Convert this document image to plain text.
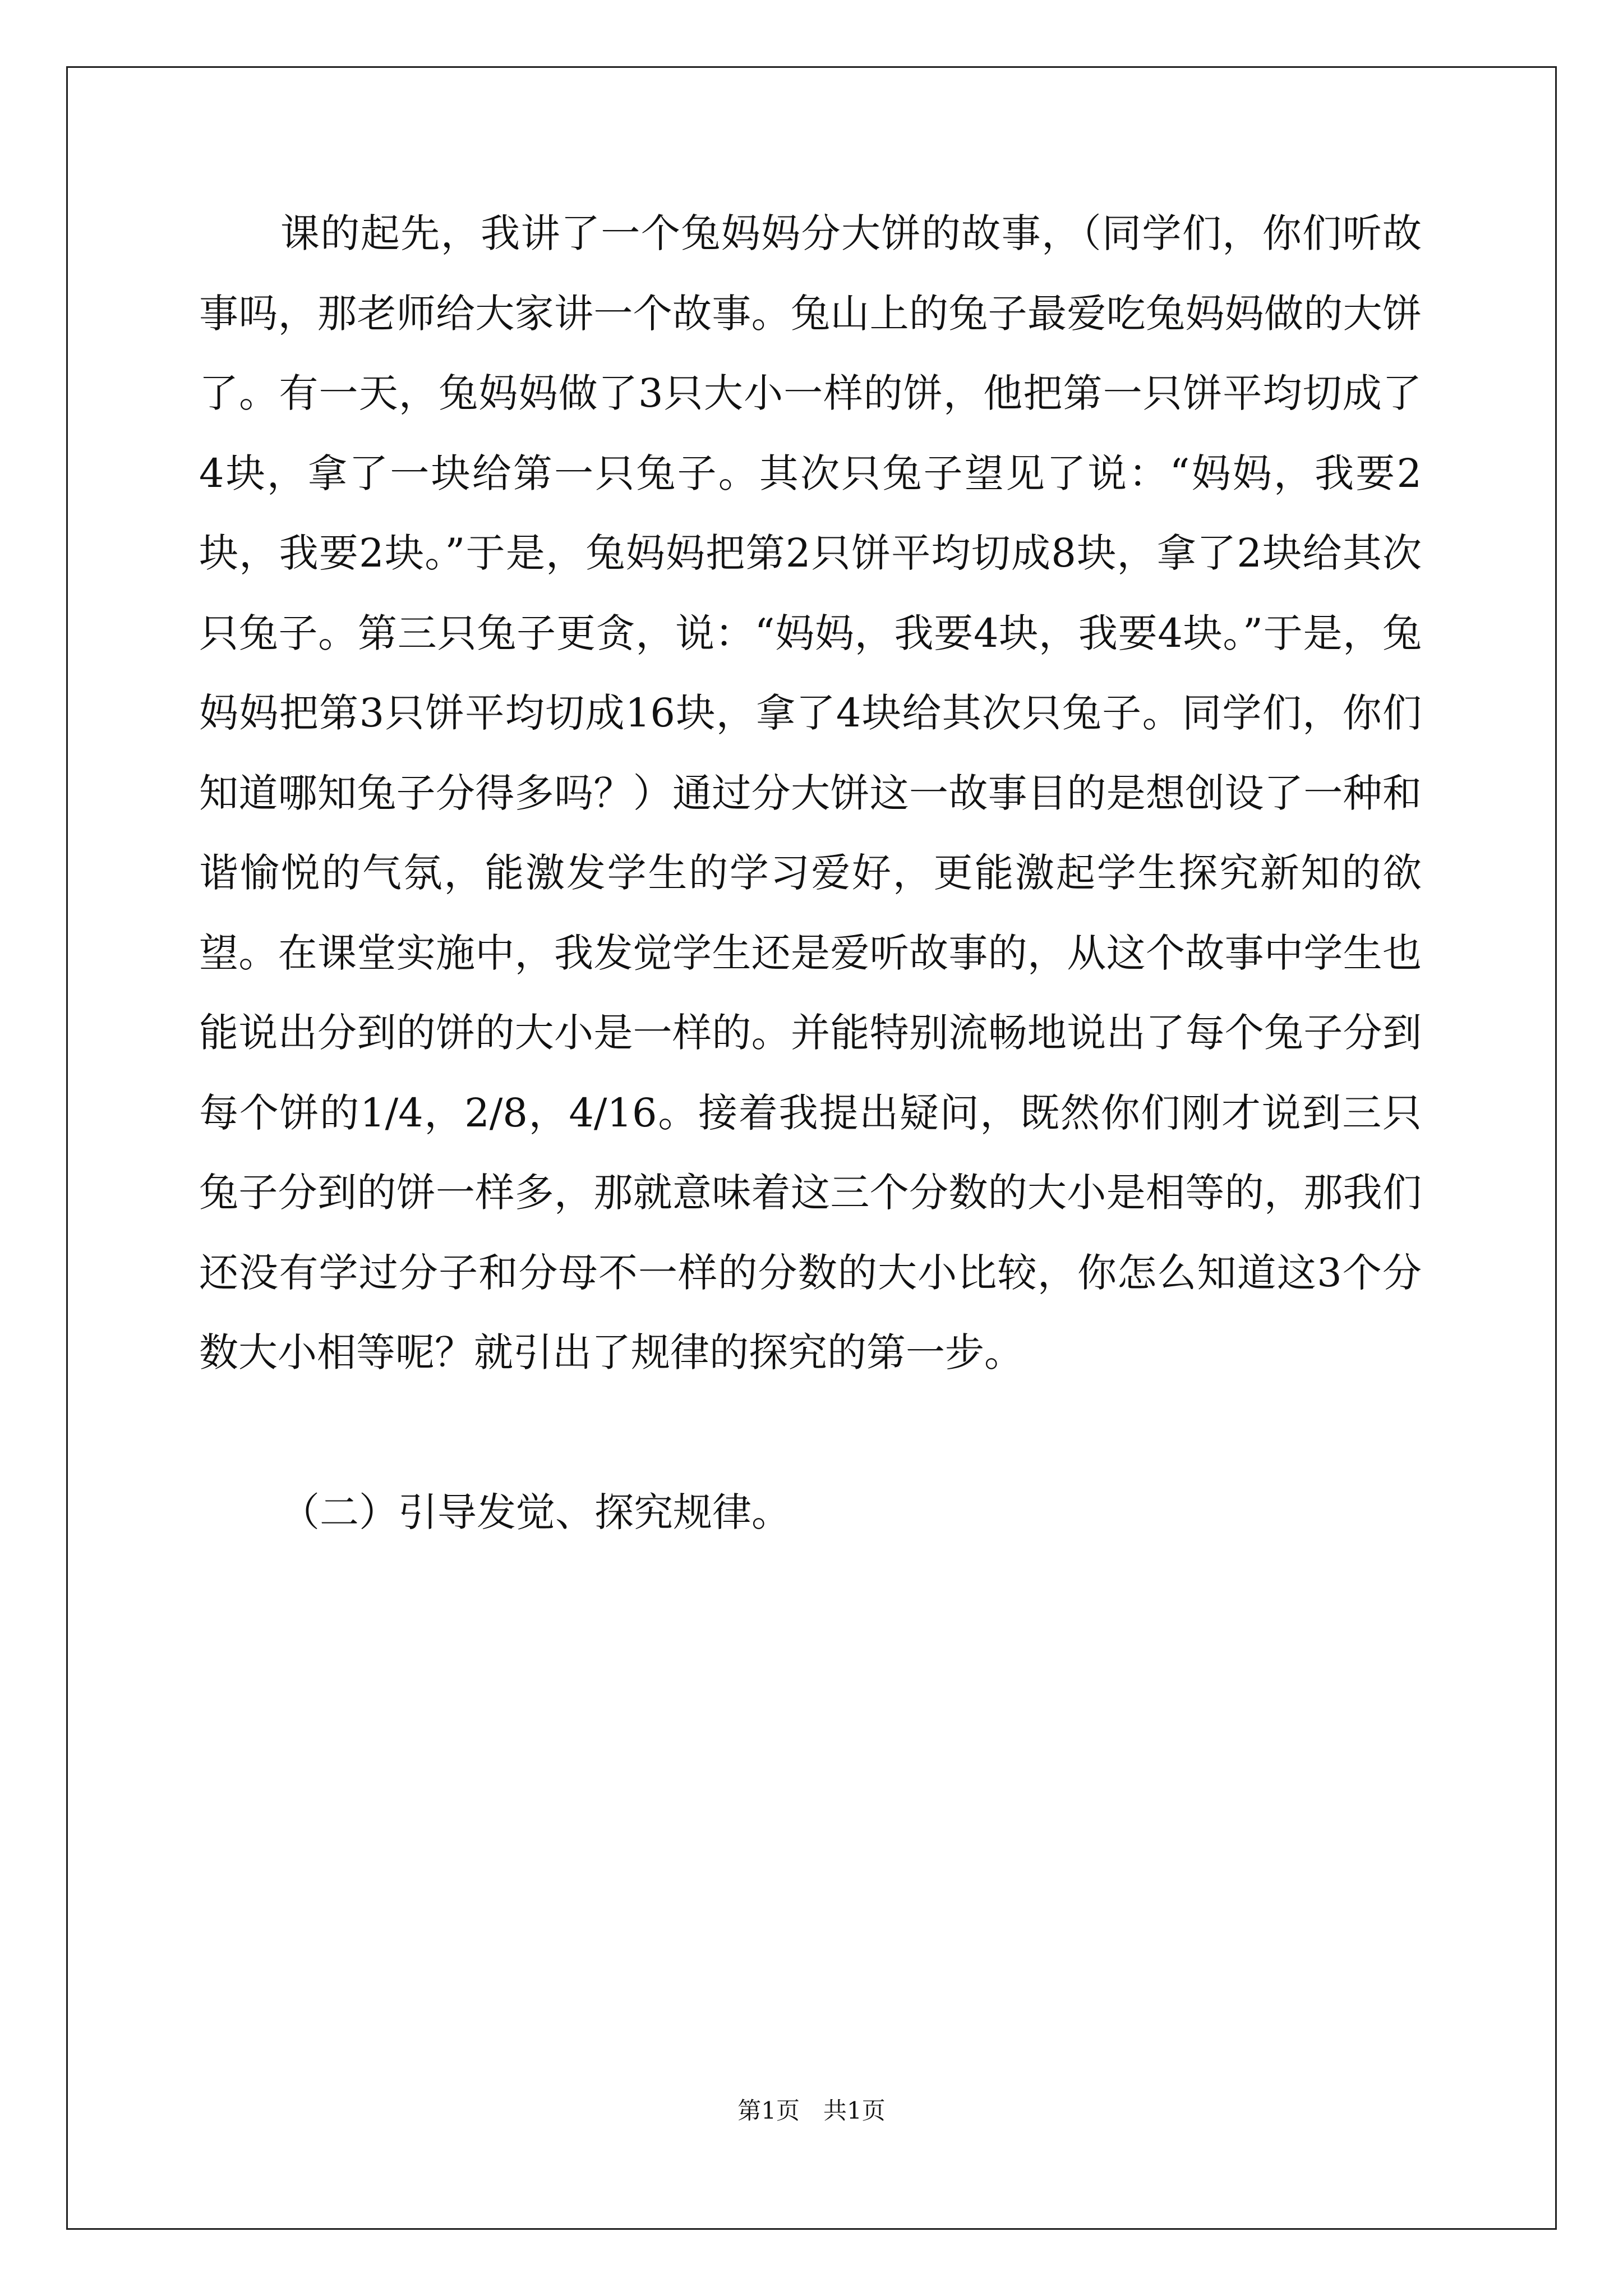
课的起先，我讲了一个兔妈妈分大饼的故事，（同学们，你们听故事吗，那老师给大家讲一个故事。兔山上的兔子最爱吃兔妈妈做的大饼了。有一天，兔妈妈做了3只大小一样的饼，他把第一只饼平均切成了4块，拿了一块给第一只兔子。其次只兔子望见了说：“妈妈，我要2块，我要2块。”于是，兔妈妈把第2只饼平均切成8块，拿了2块给其次只兔子。第三只兔子更贪，说：“妈妈，我要4块，我要4块。”于是，兔妈妈把第3只饼平均切成16块，拿了4块给其次只兔子。同学们，你们知道哪知兔子分得多吗？）通过分大饼这一故事目的是想创设了一种和谐愉悦的气氛，能激发学生的学习爱好，更能激起学生探究新知的欲望。在课堂实施中，我发觉学生还是爱听故事的，从这个故事中学生也能说出分到的饼的大小是一样的。并能特别流畅地说出了每个兔子分到每个饼的1/4，2/8，4/16。接着我提出疑问，既然你们刚才说到三只兔子分到的饼一样多，那就意味着这三个分数的大小是相等的，那我们还没有学过分子和分母不一样的分数的大小比较，你怎么知道这3个分数大小相等呢？就引出了规律的探究的第一步。

（二）引导发觉、探究规律。

第1页 共1页
